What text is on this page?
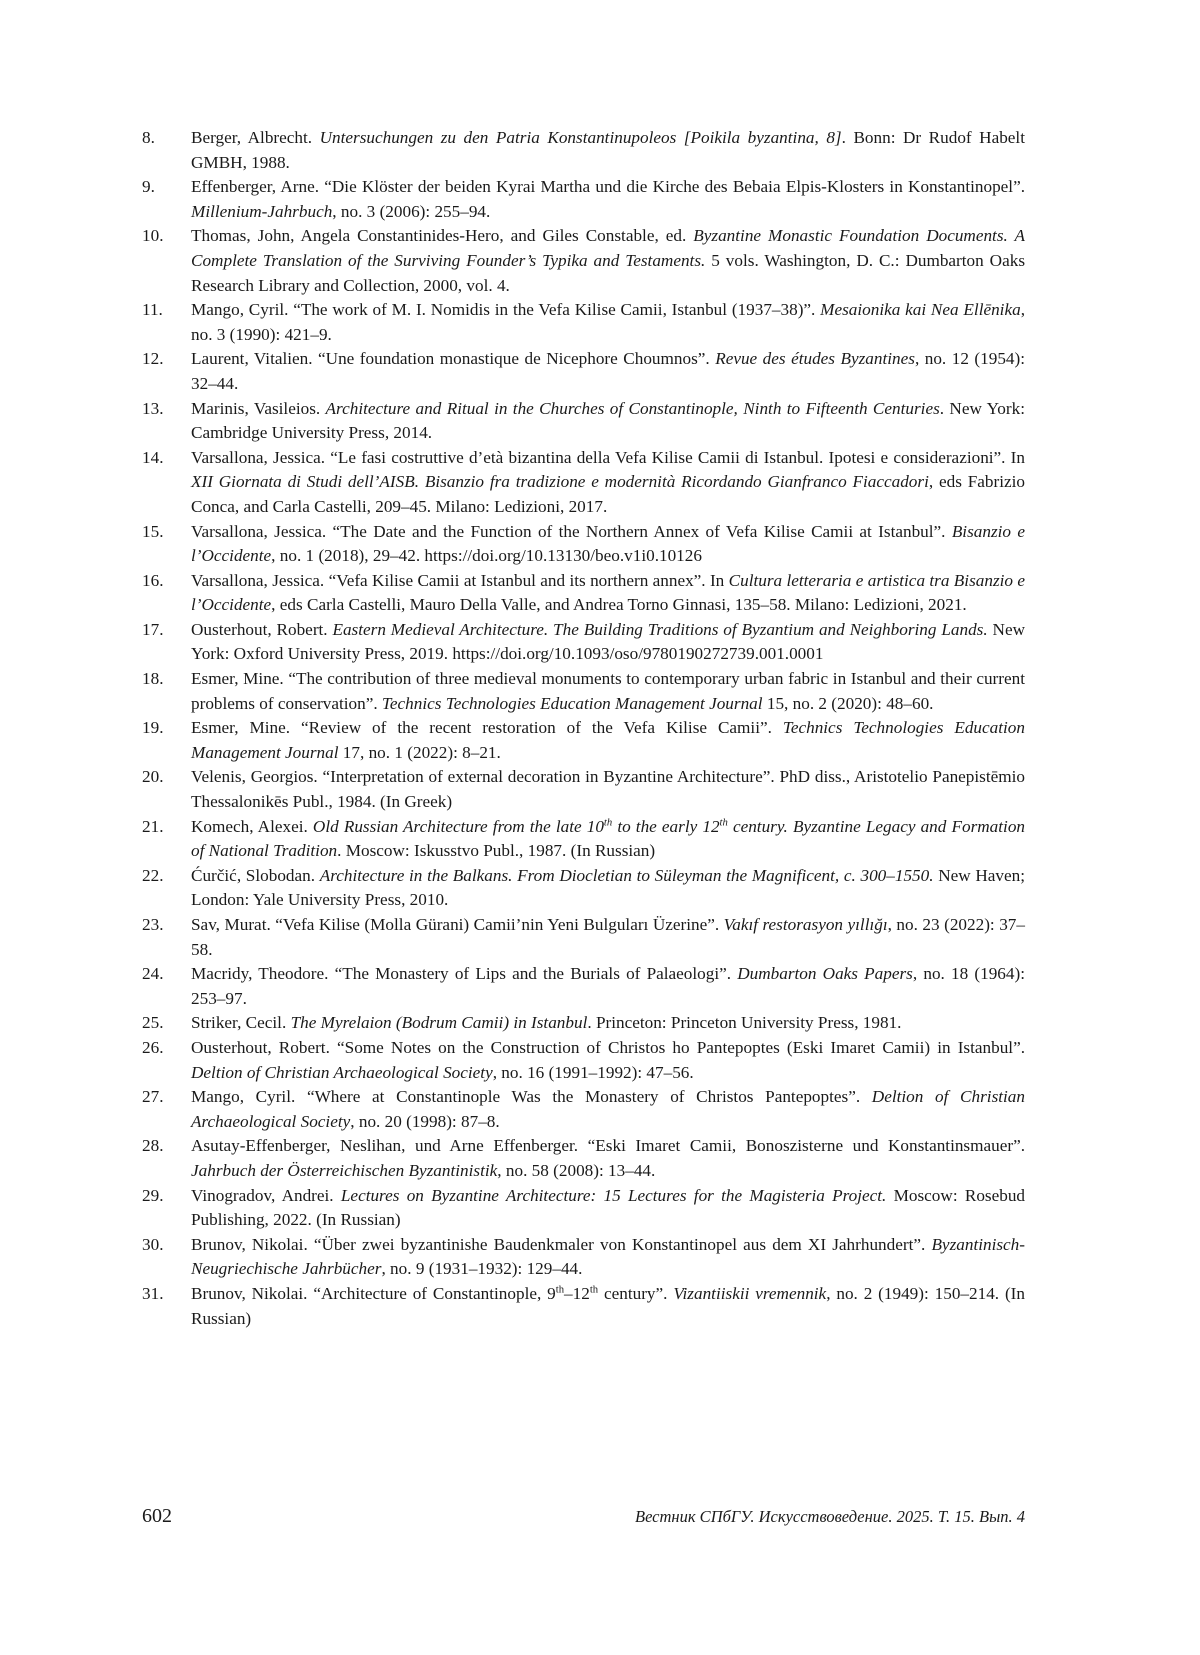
8.	Berger, Albrecht. Untersuchungen zu den Patria Konstantinupoleos [Poikila byzantina, 8]. Bonn: Dr Rudof Habelt GMBH, 1988.
9.	Effenberger, Arne. “Die Klöster der beiden Kyrai Martha und die Kirche des Bebaia Elpis-Klosters in Konstantinopel”. Millenium-Jahrbuch, no. 3 (2006): 255–94.
10.	Thomas, John, Angela Constantinides-Hero, and Giles Constable, ed. Byzantine Monastic Foundation Documents. A Complete Translation of the Surviving Founder’s Typika and Testaments. 5 vols. Washington, D. C.: Dumbarton Oaks Research Library and Collection, 2000, vol. 4.
11.	Mango, Cyril. “The work of M. I. Nomidis in the Vefa Kilise Camii, Istanbul (1937–38)”. Mesaionika kai Nea Ellēnika, no. 3 (1990): 421–9.
12.	Laurent, Vitalien. “Une foundation monastique de Nicephore Choumnos”. Revue des études Byzantines, no. 12 (1954): 32–44.
13.	Marinis, Vasileios. Architecture and Ritual in the Churches of Constantinople, Ninth to Fifteenth Centuries. New York: Cambridge University Press, 2014.
14.	Varsallona, Jessica. “Le fasi costruttive d’età bizantina della Vefa Kilise Camii di Istanbul. Ipotesi e considerazioni”. In XII Giornata di Studi dell’AISB. Bisanzio fra tradizione e modernità Ricordando Gianfranco Fiaccadori, eds Fabrizio Conca, and Carla Castelli, 209–45. Milano: Ledizioni, 2017.
15.	Varsallona, Jessica. “The Date and the Function of the Northern Annex of Vefa Kilise Camii at Istanbul”. Bisanzio e l’Occidente, no. 1 (2018), 29–42. https://doi.org/10.13130/beo.v1i0.10126
16.	Varsallona, Jessica. “Vefa Kilise Camii at Istanbul and its northern annex”. In Cultura letteraria e artistica tra Bisanzio e l’Occidente, eds Carla Castelli, Mauro Della Valle, and Andrea Torno Ginnasi, 135–58. Milano: Ledizioni, 2021.
17.	Ousterhout, Robert. Eastern Medieval Architecture. The Building Traditions of Byzantium and Neighboring Lands. New York: Oxford University Press, 2019. https://doi.org/10.1093/oso/9780190272739.001.0001
18.	Esmer, Mine. “The contribution of three medieval monuments to contemporary urban fabric in Istanbul and their current problems of conservation”. Technics Technologies Education Management Journal 15, no. 2 (2020): 48–60.
19.	Esmer, Mine. “Review of the recent restoration of the Vefa Kilise Camii”. Technics Technologies Education Management Journal 17, no. 1 (2022): 8–21.
20.	Velenis, Georgios. “Interpretation of external decoration in Byzantine Architecture”. PhD diss., Aristotelio Panepistēmio Thessalonikēs Publ., 1984. (In Greek)
21.	Komech, Alexei. Old Russian Architecture from the late 10th to the early 12th century. Byzantine Legacy and Formation of National Tradition. Moscow: Iskusstvo Publ., 1987. (In Russian)
22.	Ćurčić, Slobodan. Architecture in the Balkans. From Diocletian to Süleyman the Magnificent, c. 300–1550. New Haven; London: Yale University Press, 2010.
23.	Sav, Murat. “Vefa Kilise (Molla Gürani) Camii’nin Yeni Bulguları Üzerine”. Vakıf restorasyon yıllığı, no. 23 (2022): 37–58.
24.	Macridy, Theodore. “The Monastery of Lips and the Burials of Palaeologi”. Dumbarton Oaks Papers, no. 18 (1964): 253–97.
25.	Striker, Cecil. The Myrelaion (Bodrum Camii) in Istanbul. Princeton: Princeton University Press, 1981.
26.	Ousterhout, Robert. “Some Notes on the Construction of Christos ho Pantepoptes (Eski Imaret Camii) in Istanbul”. Deltion of Christian Archaeological Society, no. 16 (1991–1992): 47–56.
27.	Mango, Cyril. “Where at Constantinople Was the Monastery of Christos Pantepoptes”. Deltion of Christian Archaeological Society, no. 20 (1998): 87–8.
28.	Asutay-Effenberger, Neslihan, und Arne Effenberger. “Eski Imaret Camii, Bonoszisterne und Konstantinsmauer”. Jahrbuch der Österreichischen Byzantinistik, no. 58 (2008): 13–44.
29.	Vinogradov, Andrei. Lectures on Byzantine Architecture: 15 Lectures for the Magisteria Project. Moscow: Rosebud Publishing, 2022. (In Russian)
30.	Brunov, Nikolai. “Über zwei byzantinishe Baudenkmaler von Konstantinopel aus dem XI Jahrhundert”. Byzantinisch-Neugriechische Jahrbücher, no. 9 (1931–1932): 129–44.
31.	Brunov, Nikolai. “Architecture of Constantinople, 9th–12th century”. Vizantiiskii vremennik, no. 2 (1949): 150–214. (In Russian)
602	Вестник СПбГУ. Искусствоведение. 2025. Т. 15. Вып. 4
